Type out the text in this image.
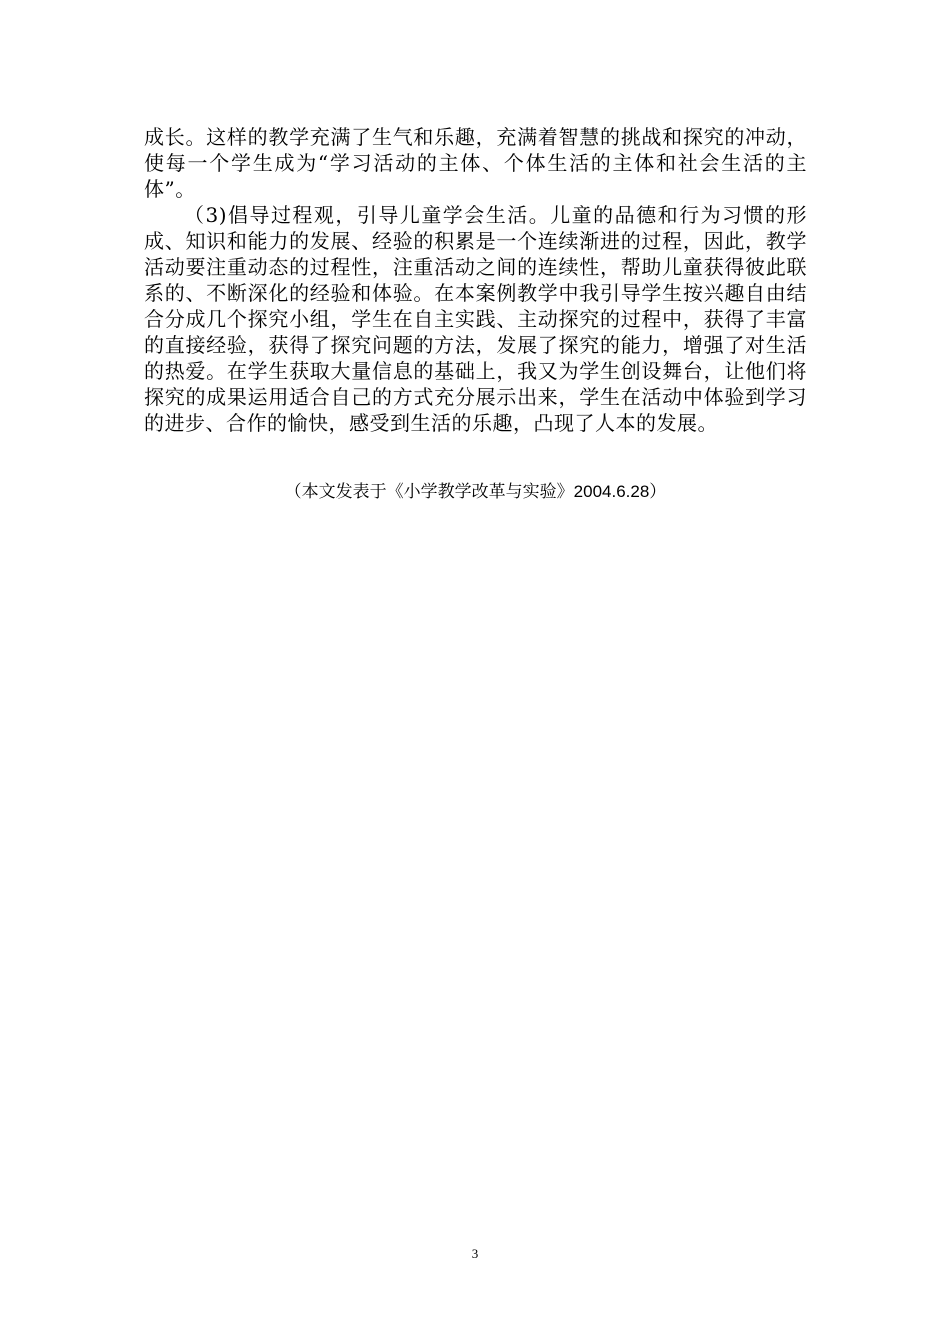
成长。这样的教学充满了生气和乐趣，充满着智慧的挑战和探究的冲动，使每一个学生成为“学习活动的主体、个体生活的主体和社会生活的主体”。

（3)倡导过程观，引导儿童学会生活。儿童的品德和行为习惯的形成、知识和能力的发展、经验的积累是一个连续渐进的过程，因此，教学活动要注重动态的过程性，注重活动之间的连续性，帮助儿童获得彼此联系的、不断深化的经验和体验。在本案例教学中我引导学生按兴趣自由结合分成几个探究小组，学生在自主实践、主动探究的过程中，获得了丰富的直接经验，获得了探究问题的方法，发展了探究的能力，增强了对生活的热爱。在学生获取大量信息的基础上，我又为学生创设舞台，让他们将探究的成果运用适合自己的方式充分展示出来，学生在活动中体验到学习的进步、合作的愉快，感受到生活的乐趣，凸现了人本的发展。

（本文发表于《小学教学改革与实验》2004.6.28）
3
